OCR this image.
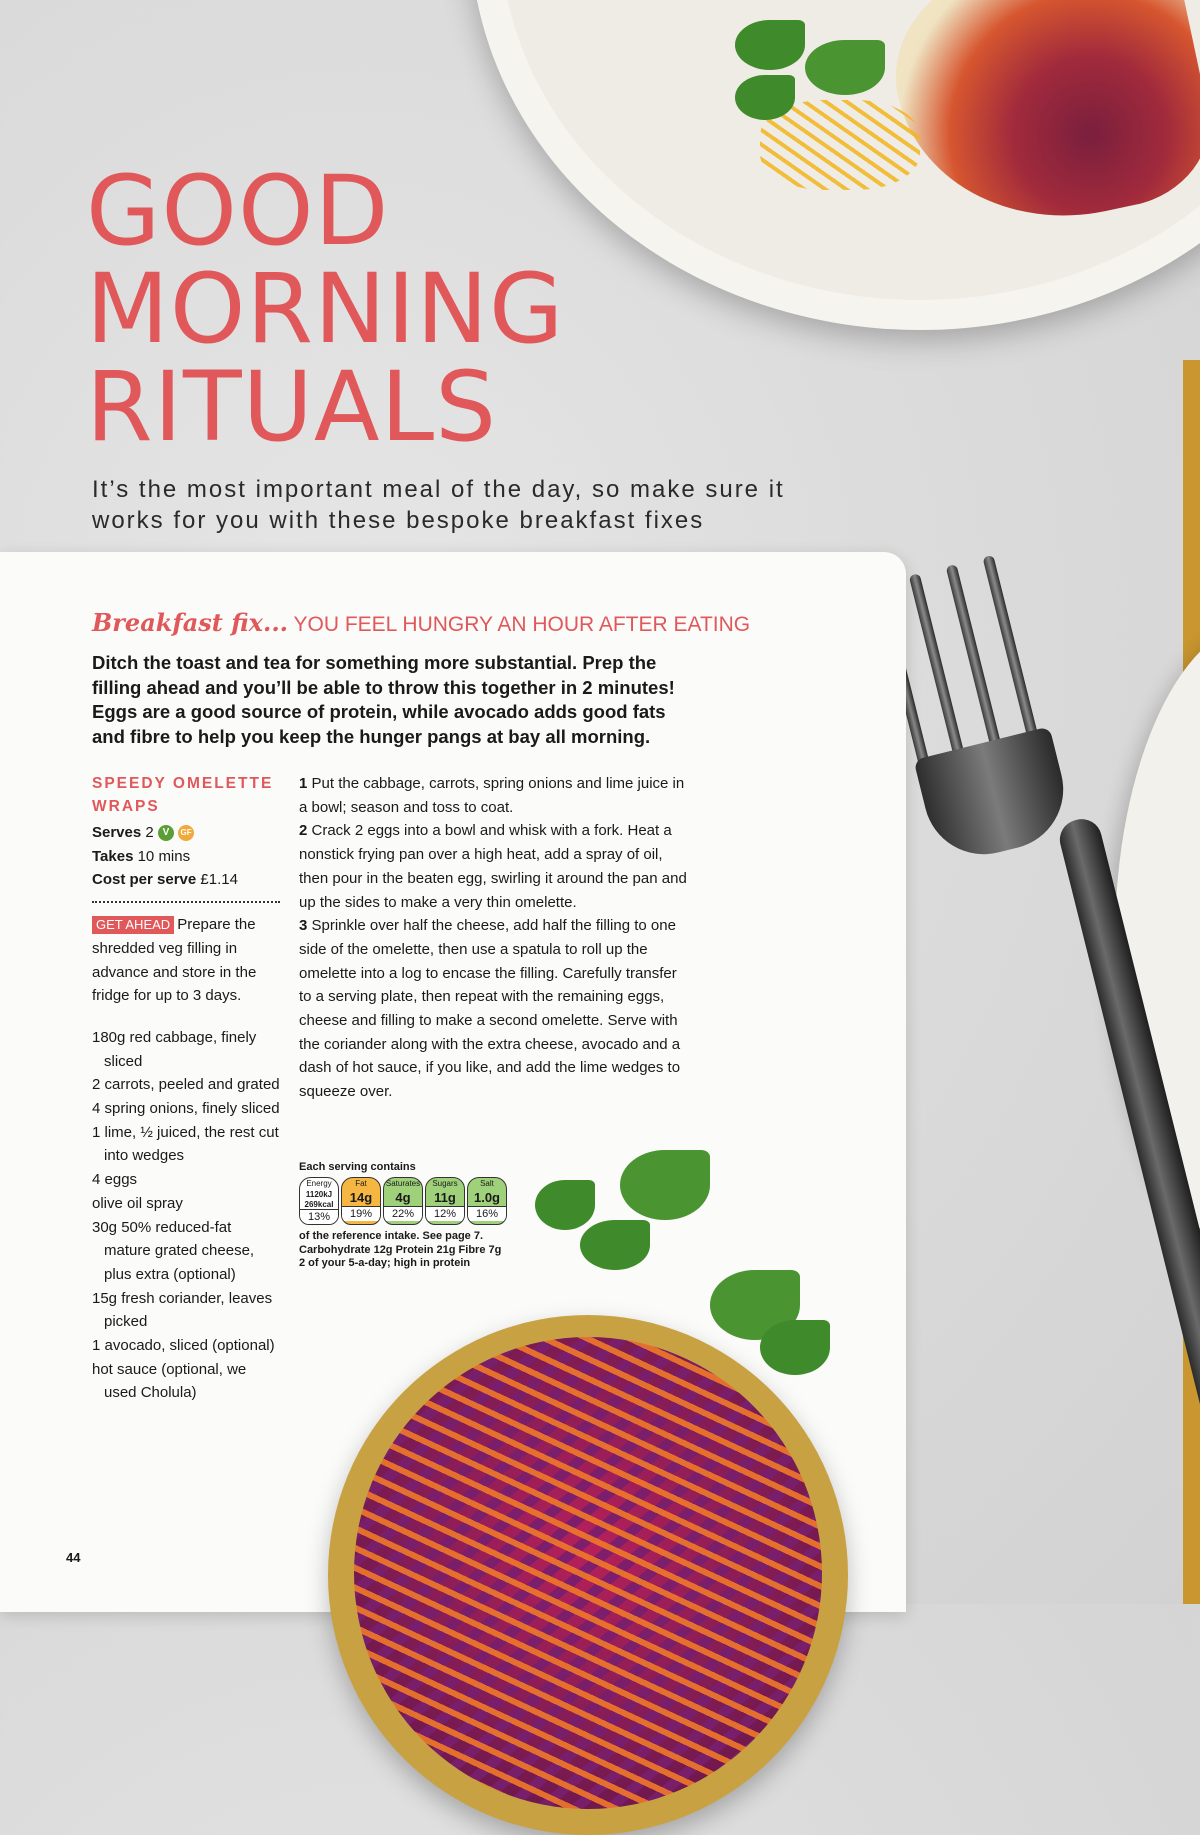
GOOD
MORNING
RITUALS

It’s the most important meal of the day, so make sure it works for you with these bespoke breakfast fixes

Breakfast fix... YOU FEEL HUNGRY AN HOUR AFTER EATING

Ditch the toast and tea for something more substantial. Prep the filling ahead and you’ll be able to throw this together in 2 minutes! Eggs are a good source of protein, while avocado adds good fats and fibre to help you keep the hunger pangs at bay all morning.

SPEEDY OMELETTE WRAPS

Serves 2 V GF
Takes 10 mins
Cost per serve £1.14
GET AHEAD Prepare the shredded veg filling in advance and store in the fridge for up to 3 days.
180g red cabbage, finely sliced
2 carrots, peeled and grated
4 spring onions, finely sliced
1 lime, ½ juiced, the rest cut into wedges
4 eggs
olive oil spray
30g 50% reduced-fat mature grated cheese, plus extra (optional)
15g fresh coriander, leaves picked
1 avocado, sliced (optional)
hot sauce (optional, we used Cholula)

1 Put the cabbage, carrots, spring onions and lime juice in a bowl; season and toss to coat.

2 Crack 2 eggs into a bowl and whisk with a fork. Heat a nonstick frying pan over a high heat, add a spray of oil, then pour in the beaten egg, swirling it around the pan and up the sides to make a very thin omelette.

3 Sprinkle over half the cheese, add half the filling to one side of the omelette, then use a spatula to roll up the omelette into a log to encase the filling. Carefully transfer to a serving plate, then repeat with the remaining eggs, cheese and filling to make a second omelette. Serve with the coriander along with the extra cheese, avocado and a dash of hot sauce, if you like, and add the lime wedges to squeeze over.

Each serving contains
Energy
1120kJ
269kcal
13%
Fat
14g
19%
Saturates
4g
22%
Sugars
11g
12%
Salt
1.0g
16%
of the reference intake. See page 7.
Carbohydrate 12g Protein 21g Fibre 7g
2 of your 5-a-day; high in protein
44
